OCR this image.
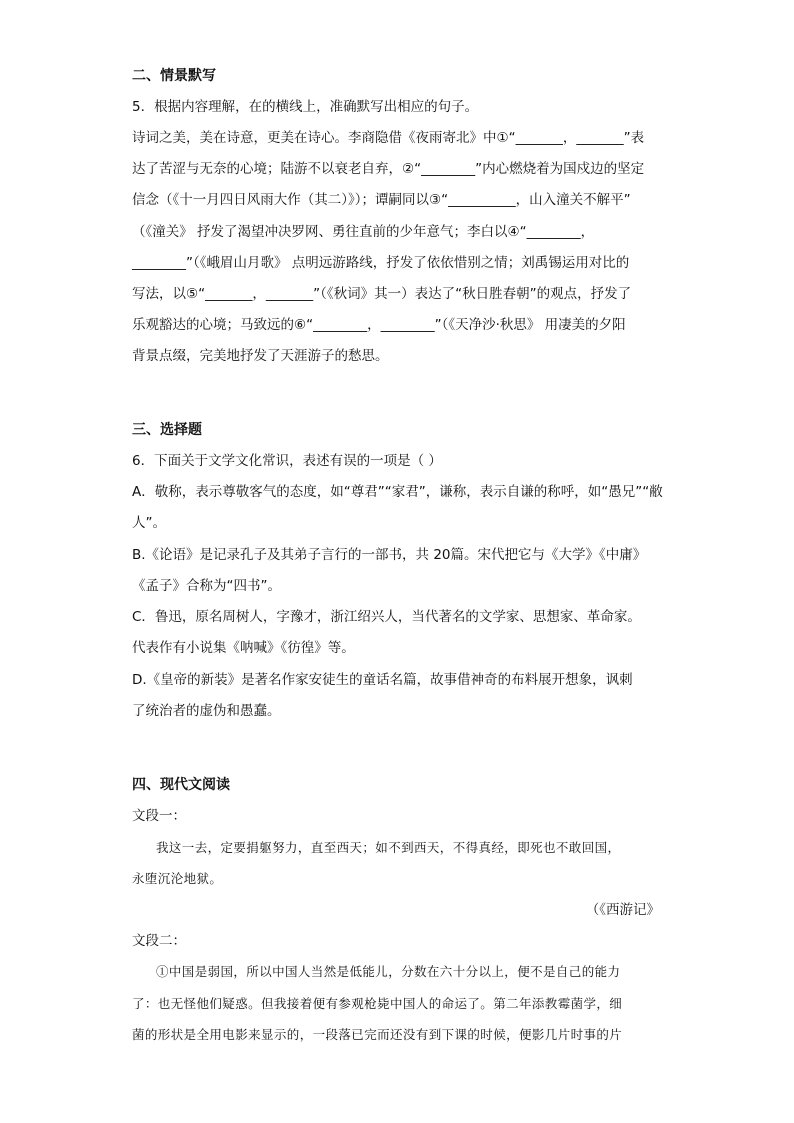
二、情景默写
5．根据内容理解，在的横线上，准确默写出相应的句子。
诗词之美，美在诗意，更美在诗心。李商隐借《夜雨寄北》中①“_______，_______”表
达了苦涩与无奈的心境；陆游不以衰老自弃，②“________”内心燃烧着为国戍边的坚定
信念（《十一月四日风雨大作（其二）》）；谭嗣同以③“__________，山入潼关不解平”
（《潼关》 抒发了渴望冲决罗网、勇往直前的少年意气；李白以④“________，
________”（《峨眉山月歌》 点明远游路线，抒发了依依惜别之情；刘禹锡运用对比的
写法，以⑤“_______，_______”（《秋词》其一）表达了“秋日胜春朝”的观点，抒发了
乐观豁达的心境；马致远的⑥“________，________”（《天净沙·秋思》 用凄美的夕阳
背景点缀，完美地抒发了天涯游子的愁思。
三、选择题
6．下面关于文学文化常识，表述有误的一项是（ ）
A．敬称，表示尊敬客气的态度，如“尊君”“家君”，谦称，表示自谦的称呼，如“愚兄”“敝
人”。
B.《论语》是记录孔子及其弟子言行的一部书，共 20篇。宋代把它与《大学》《中庸》
《孟子》合称为“四书”。
C．鲁迅，原名周树人，字豫才，浙江绍兴人，当代著名的文学家、思想家、革命家。
代表作有小说集《呐喊》《彷徨》等。
D.《皇帝的新装》是著名作家安徒生的童话名篇，故事借神奇的布料展开想象，讽刺
了统治者的虚伪和愚蠢。
四、现代文阅读
文段一：
我这一去，定要捐躯努力，直至西天；如不到西天，不得真经，即死也不敢回国，
永堕沉沦地狱。
（《西游记》
文段二：
①中国是弱国，所以中国人当然是低能儿，分数在六十分以上，便不是自己的能力
了：也无怪他们疑惑。但我接着便有参观枪毙中国人的命运了。第二年添教霉菌学，细
菌的形状是全用电影来显示的，一段落已完而还没有到下课的时候，便影几片时事的片
